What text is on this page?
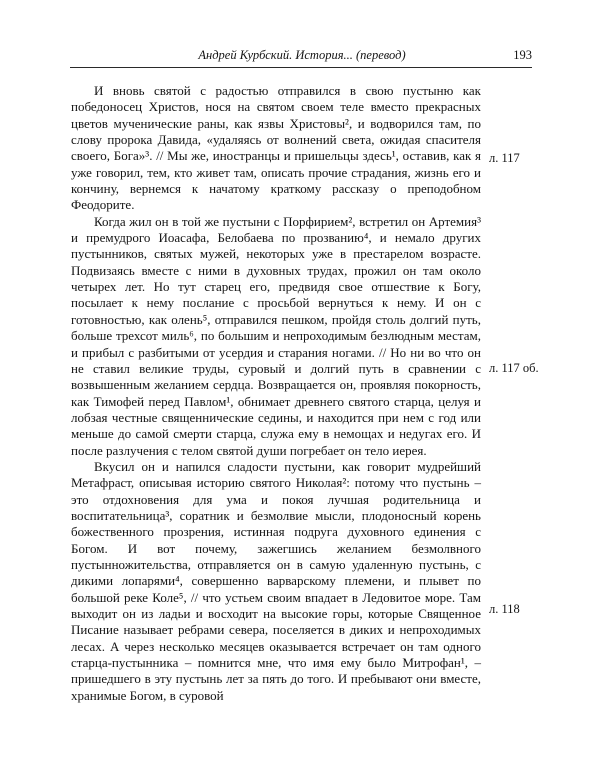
Андрей Курбский. История... (перевод)	193

И вновь святой с радостью отправился в свою пустыню как победоносец Христов, нося на святом своем теле вместо прекрасных цветов мученические раны, как язвы Христовы², и водворился там, по слову пророка Давида, «удаляясь от волнений света, ожидая спасителя своего, Бога»³. // Мы же, иностранцы и пришельцы здесь¹, оставив, как я уже говорил, тем, кто живет там, описать прочие страдания, жизнь его и кончину, вернемся к начатому краткому рассказу о преподобном Феодорите.

Когда жил он в той же пустыни с Порфирием², встретил он Артемия³ и премудрого Иоасафа, Белобаева по прозванию⁴, и немало других пустынников, святых мужей, некоторых уже в престарелом возрасте. Подвизаясь вместе с ними в духовных трудах, прожил он там около четырех лет. Но тут старец его, предвидя свое отшествие к Богу, посылает к нему послание с просьбой вернуться к нему. И он с готовностью, как олень⁵, отправился пешком, пройдя столь долгий путь, больше трехсот миль⁶, по большим и непроходимым безлюдным местам, и прибыл с разбитыми от усердия и старания ногами. // Но ни во что он не ставил великие труды, суровый и долгий путь в сравнении с возвышенным желанием сердца. Возвращается он, проявляя покорность, как Тимофей перед Павлом¹, обнимает древнего святого старца, целуя и лобзая честные священнические седины, и находится при нем с год или меньше до самой смерти старца, служа ему в немощах и недугах его. И после разлучения с телом святой души погребает он тело иерея.

Вкусил он и напился сладости пустыни, как говорит мудрейший Метафраст, описывая историю святого Николая²: потому что пустынь – это отдохновения для ума и покоя лучшая родительница и воспитательница³, соратник и безмолвие мысли, плодоносный корень божественного прозрения, истинная подруга духовного единения с Богом. И вот почему, зажегшись желанием безмолвного пустынножительства, отправляется он в самую удаленную пустынь, с дикими лопарями⁴, совершенно варварскому племени, и плывет по большой реке Коле⁵, // что устьем своим впадает в Ледовитое море. Там выходит он из ладьи и восходит на высокие горы, которые Священное Писание называет ребрами севера, поселяется в диких и непроходимых лесах. А через несколько месяцев оказывается встречает он там одного старца-пустынника – помнится мне, что имя ему было Митрофан¹, – пришедшего в эту пустынь лет за пять до того. И пребывают они вместе, хранимые Богом, в суровой

л. 117
л. 117 об.
л. 118
